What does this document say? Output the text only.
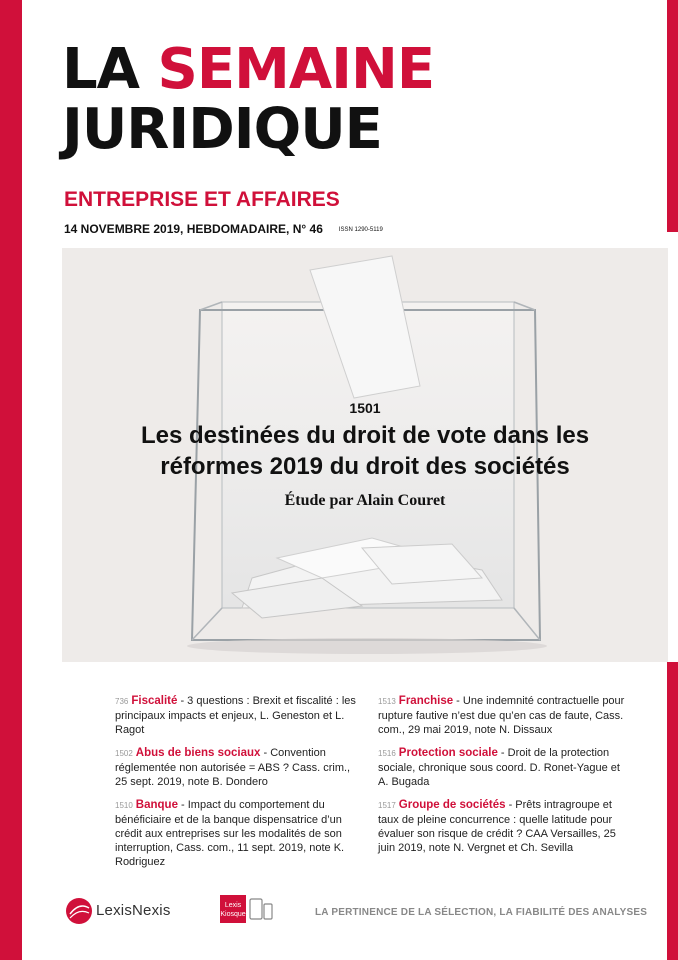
LA SEMAINE
JURIDIQUE
ENTREPRISE ET AFFAIRES
14 NOVEMBRE 2019, HEBDOMADAIRE, N° 46	ISSN 1290-5119
1501
Les destinées du droit de vote dans les
réformes 2019 du droit des sociétés
Étude par Alain Couret
736 Fiscalité - 3 questions : Brexit et fiscalité : les principaux impacts et enjeux, L. Geneston et L. Ragot
1502 Abus de biens sociaux - Convention réglementée non autorisée = ABS ? Cass. crim., 25 sept. 2019, note B. Dondero
1510 Banque - Impact du comportement du bénéficiaire et de la banque dispensatrice d’un crédit aux entreprises sur les modalités de son interruption, Cass. com., 11 sept. 2019, note K. Rodriguez
1513 Franchise - Une indemnité contractuelle pour rupture fautive n’est due qu’en cas de faute, Cass. com., 29 mai 2019, note N. Dissaux
1516 Protection sociale - Droit de la protection sociale, chronique sous coord. D. Ronet-Yague et A. Bugada
1517 Groupe de sociétés - Prêts intragroupe et taux de pleine concurrence : quelle latitude pour évaluer son risque de crédit ? CAA Versailles, 25 juin 2019, note N. Vergnet et Ch. Sevilla
LexisNexis	Lexis
Kiosque	LA PERTINENCE DE LA SÉLECTION, LA FIABILITÉ DES ANALYSES
